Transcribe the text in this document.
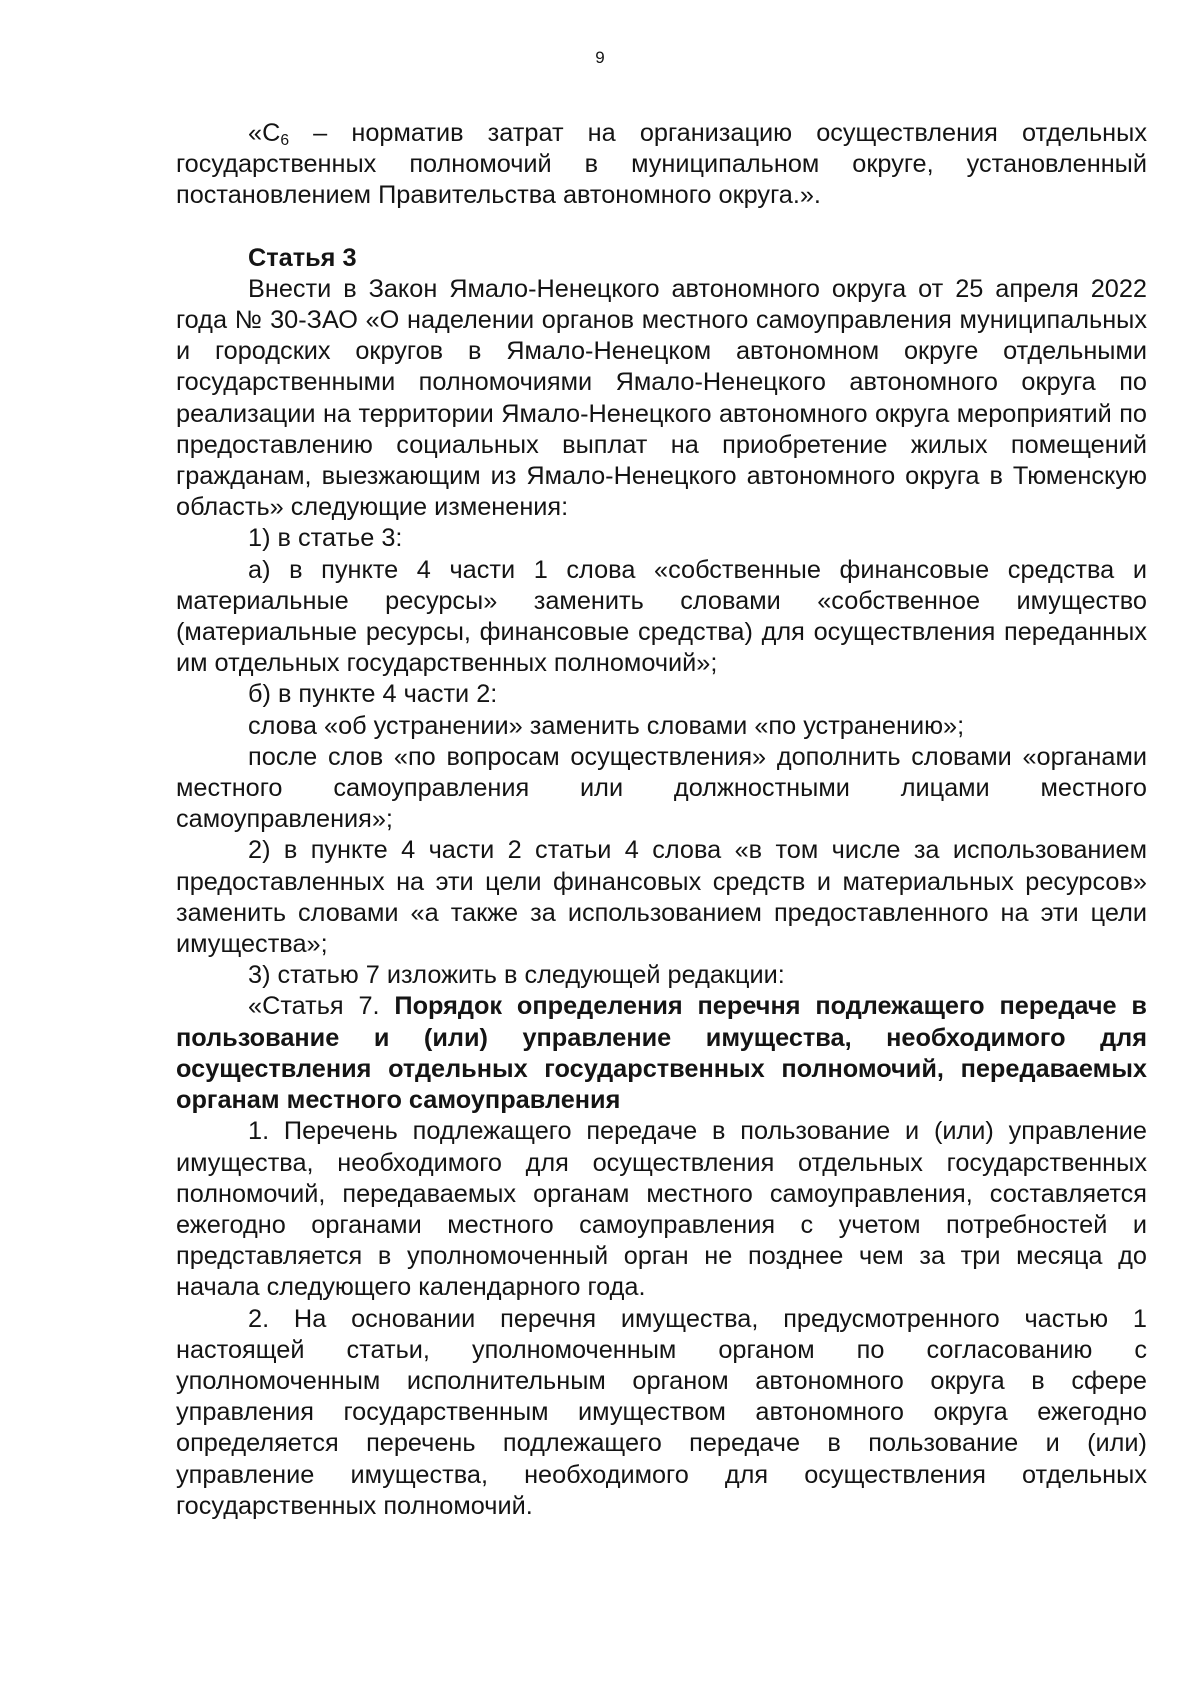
9

«$С_6$ – норматив затрат на организацию осуществления отдельных государственных полномочий в муниципальном округе, установленный постановлением Правительства автономного округа.».

Статья 3

Внести в Закон Ямало-Ненецкого автономного округа от 25 апреля 2022 года № 30-ЗАО «О наделении органов местного самоуправления муниципальных и городских округов в Ямало-Ненецком автономном округе отдельными государственными полномочиями Ямало-Ненецкого автономного округа по реализации на территории Ямало-Ненецкого автономного округа мероприятий по предоставлению социальных выплат на приобретение жилых помещений гражданам, выезжающим из Ямало-Ненецкого автономного округа в Тюменскую область» следующие изменения:

1) в статье 3:

а) в пункте 4 части 1 слова «собственные финансовые средства и материальные ресурсы» заменить словами «собственное имущество (материальные ресурсы, финансовые средства) для осуществления переданных им отдельных государственных полномочий»;

б) в пункте 4 части 2:

слова «об устранении» заменить словами «по устранению»;

после слов «по вопросам осуществления» дополнить словами «органами местного самоуправления или должностными лицами местного самоуправления»;

2) в пункте 4 части 2 статьи 4 слова «в том числе за использованием предоставленных на эти цели финансовых средств и материальных ресурсов» заменить словами «а также за использованием предоставленного на эти цели имущества»;

3) статью 7 изложить в следующей редакции:

«Статья 7. Порядок определения перечня подлежащего передаче в пользование и (или) управление имущества, необходимого для осуществления отдельных государственных полномочий, передаваемых органам местного самоуправления

1. Перечень подлежащего передаче в пользование и (или) управление имущества, необходимого для осуществления отдельных государственных полномочий, передаваемых органам местного самоуправления, составляется ежегодно органами местного самоуправления с учетом потребностей и представляется в уполномоченный орган не позднее чем за три месяца до начала следующего календарного года.

2. На основании перечня имущества, предусмотренного частью 1 настоящей статьи, уполномоченным органом по согласованию с уполномоченным исполнительным органом автономного округа в сфере управления государственным имуществом автономного округа ежегодно определяется перечень подлежащего передаче в пользование и (или) управление имущества, необходимого для осуществления отдельных государственных полномочий.
